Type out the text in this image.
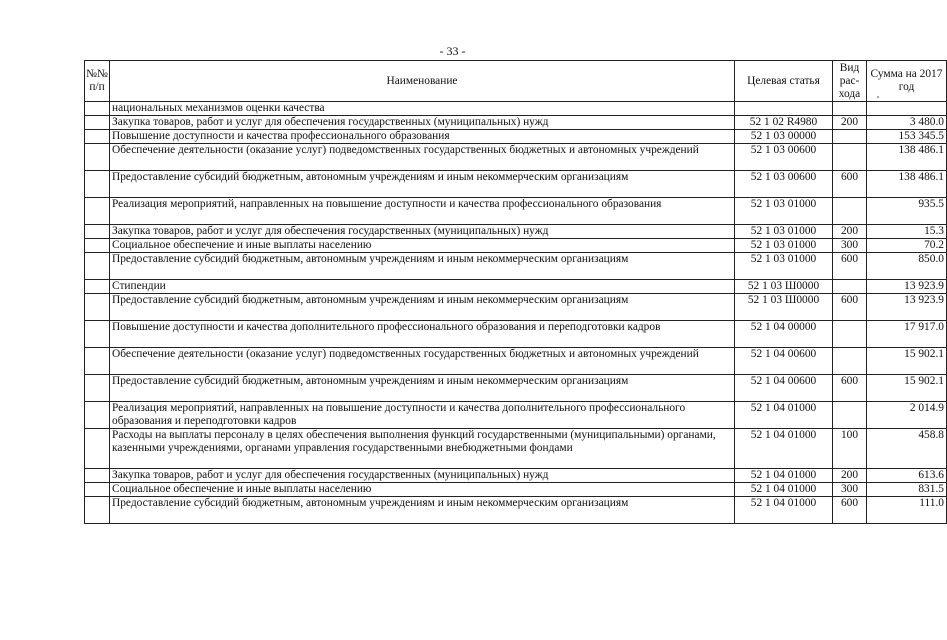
- 33 -
№№ п/п	Наименование	Целевая статья	Вид рас-хода	Сумма на 2017 год
	национальных механизмов оценки качества			
	Закупка товаров, работ и услуг для обеспечения государственных (муниципальных) нужд	52 1 02 R4980	200	3 480.0
	Повышение доступности и качества профессионального образования	52 1 03 00000		153 345.5
	Обеспечение деятельности (оказание услуг) подведомственных государственных бюджетных и автономных учреждений	52 1 03 00600		138 486.1
	Предоставление субсидий бюджетным, автономным учреждениям и иным некоммерческим организациям	52 1 03 00600	600	138 486.1
	Реализация мероприятий, направленных на повышение доступности и качества профессионального образования	52 1 03 01000		935.5
	Закупка товаров, работ и услуг для обеспечения государственных (муниципальных) нужд	52 1 03 01000	200	15.3
	Социальное обеспечение и иные выплаты населению	52 1 03 01000	300	70.2
	Предоставление субсидий бюджетным, автономным учреждениям и иным некоммерческим организациям	52 1 03 01000	600	850.0
	Стипендии	52 1 03 Ш0000		13 923.9
	Предоставление субсидий бюджетным, автономным учреждениям и иным некоммерческим организациям	52 1 03 Ш0000	600	13 923.9
	Повышение доступности и качества дополнительного профессионального образования и переподготовки кадров	52 1 04 00000		17 917.0
	Обеспечение деятельности (оказание услуг) подведомственных государственных бюджетных и автономных учреждений	52 1 04 00600		15 902.1
	Предоставление субсидий бюджетным, автономным учреждениям и иным некоммерческим организациям	52 1 04 00600	600	15 902.1
	Реализация мероприятий, направленных на повышение доступности и качества дополнительного профессионального образования и переподготовки кадров	52 1 04 01000		2 014.9
	Расходы на выплаты персоналу в целях обеспечения выполнения функций государственными (муниципальными) органами, казенными учреждениями, органами управления государственными внебюджетными фондами	52 1 04 01000	100	458.8
	Закупка товаров, работ и услуг для обеспечения государственных (муниципальных) нужд	52 1 04 01000	200	613.6
	Социальное обеспечение и иные выплаты населению	52 1 04 01000	300	831.5
	Предоставление субсидий бюджетным, автономным учреждениям и иным некоммерческим организациям	52 1 04 01000	600	111.0
